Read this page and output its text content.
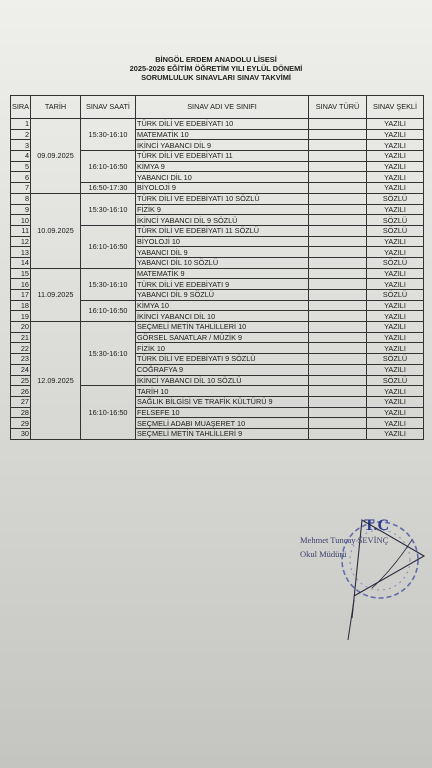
BİNGÖL ERDEM ANADOLU LİSESİ
2025-2026 EĞİTİM ÖĞRETİM YILI EYLÜL DÖNEMİ
SORUMLULUK SINAVLARI SINAV TAKVİMİ
SIRA	TARİH	SINAV SAATİ	SINAV ADI VE SINIFI	SINAV TÜRÜ	SINAV ŞEKLİ
1	09.09.2025	15:30-16:10	TÜRK DİLİ VE EDEBİYATI 10		YAZILI
2			MATEMATİK 10		YAZILI
3			İKİNCİ YABANCI DİL 9		YAZILI
4		16:10-16:50	TÜRK DİLİ VE EDEBİYATI 11		YAZILI
5			KİMYA 9		YAZILI
6			YABANCI DİL 10		YAZILI
7		16:50-17:30	BİYOLOJİ 9		YAZILI
8	10.09.2025	15:30-16:10	TÜRK DİLİ VE EDEBİYATI 10 SÖZLÜ		SÖZLÜ
9			FİZİK 9		YAZILI
10			İKİNCİ YABANCI DİL 9 SÖZLÜ		SÖZLÜ
11		16:10-16:50	TÜRK DİLİ VE EDEBİYATI 11 SÖZLÜ		SÖZLÜ
12			BİYOLOJİ 10		YAZILI
13			YABANCI DİL 9		YAZILI
14			YABANCI DİL 10 SÖZLÜ		SÖZLÜ
15	11.09.2025	15:30-16:10	MATEMATİK 9		YAZILI
16			TÜRK DİLİ VE EDEBİYATI 9		YAZILI
17			YABANCI DİL 9 SÖZLÜ		SÖZLÜ
18		16:10-16:50	KİMYA 10		YAZILI
19			İKİNCİ YABANCI DİL 10		YAZILI
20	12.09.2025	15:30-16:10	SEÇMELİ METİN TAHLİLLERİ 10		YAZILI
21			GÖRSEL SANATLAR / MÜZİK 9		YAZILI
22			FİZİK 10		YAZILI
23			TÜRK DİLİ VE EDEBİYATI 9 SÖZLÜ		SÖZLÜ
24			COĞRAFYA 9		YAZILI
25			İKİNCİ YABANCI DİL 10 SÖZLÜ		SÖZLÜ
26		16:10-16:50	TARİH 10		YAZILI
27			SAĞLIK BİLGİSİ VE TRAFİK KÜLTÜRÜ 9		YAZILI
28			FELSEFE 10		YAZILI
29			SEÇMELİ ADABI MUAŞERET 10		YAZILI
30			SEÇMELİ METİN TAHLİLLERİ 9		YAZILI
T.C
Mehmet Tuncay SEVİNÇ
Okul Müdürü
